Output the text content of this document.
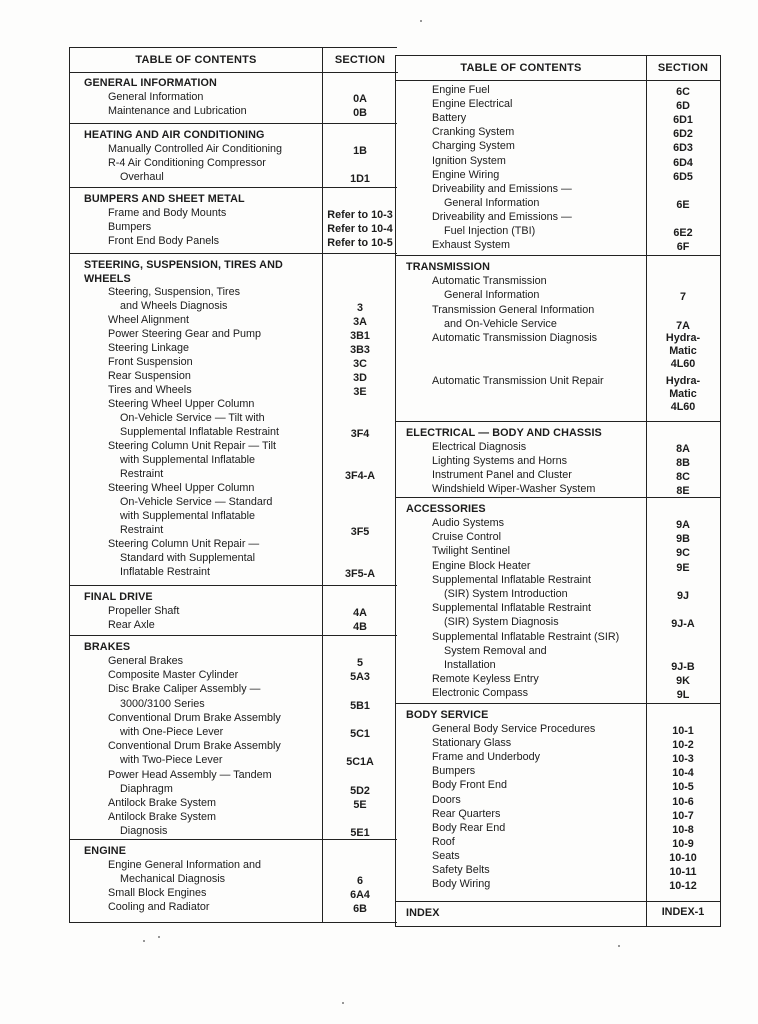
TABLE OF CONTENTS	SECTION
GENERAL INFORMATION
General Information	0A
Maintenance and Lubrication	0B
HEATING AND AIR CONDITIONING
Manually Controlled Air Conditioning	1B
R-4 Air Conditioning Compressor
Overhaul	1D1
BUMPERS AND SHEET METAL
Frame and Body Mounts	Refer to 10-3
Bumpers	Refer to 10-4
Front End Body Panels	Refer to 10-5
STEERING, SUSPENSION, TIRES AND WHEELS
Steering, Suspension, Tires
and Wheels Diagnosis	3
Wheel Alignment	3A
Power Steering Gear and Pump	3B1
Steering Linkage	3B3
Front Suspension	3C
Rear Suspension	3D
Tires and Wheels	3E
Steering Wheel Upper Column
On-Vehicle Service — Tilt with
Supplemental Inflatable Restraint	3F4
Steering Column Unit Repair — Tilt
with Supplemental Inflatable
Restraint	3F4-A
Steering Wheel Upper Column
On-Vehicle Service — Standard
with Supplemental Inflatable
Restraint	3F5
Steering Column Unit Repair —
Standard with Supplemental
Inflatable Restraint	3F5-A
FINAL DRIVE
Propeller Shaft	4A
Rear Axle	4B
BRAKES
General Brakes	5
Composite Master Cylinder	5A3
Disc Brake Caliper Assembly —
3000/3100 Series	5B1
Conventional Drum Brake Assembly
with One-Piece Lever	5C1
Conventional Drum Brake Assembly
with Two-Piece Lever	5C1A
Power Head Assembly — Tandem
Diaphragm	5D2
Antilock Brake System	5E
Antilock Brake System
Diagnosis	5E1
ENGINE
Engine General Information and
Mechanical Diagnosis	6
Small Block Engines	6A4
Cooling and Radiator	6B
TABLE OF CONTENTS	SECTION
Engine Fuel	6C
Engine Electrical	6D
Battery	6D1
Cranking System	6D2
Charging System	6D3
Ignition System	6D4
Engine Wiring	6D5
Driveability and Emissions —
General Information	6E
Driveability and Emissions —
Fuel Injection (TBI)	6E2
Exhaust System	6F
TRANSMISSION
Automatic Transmission
General Information	7
Transmission General Information
and On-Vehicle Service	7A
Automatic Transmission Diagnosis	Hydra-
Matic
4L60
Automatic Transmission Unit Repair	Hydra-
Matic
4L60
ELECTRICAL — BODY AND CHASSIS
Electrical Diagnosis	8A
Lighting Systems and Horns	8B
Instrument Panel and Cluster	8C
Windshield Wiper-Washer System	8E
ACCESSORIES
Audio Systems	9A
Cruise Control	9B
Twilight Sentinel	9C
Engine Block Heater	9E
Supplemental Inflatable Restraint
(SIR) System Introduction	9J
Supplemental Inflatable Restraint
(SIR) System Diagnosis	9J-A
Supplemental Inflatable Restraint (SIR)
System Removal and
Installation	9J-B
Remote Keyless Entry	9K
Electronic Compass	9L
BODY SERVICE
General Body Service Procedures	10-1
Stationary Glass	10-2
Frame and Underbody	10-3
Bumpers	10-4
Body Front End	10-5
Doors	10-6
Rear Quarters	10-7
Body Rear End	10-8
Roof	10-9
Seats	10-10
Safety Belts	10-11
Body Wiring	10-12
INDEX	INDEX-1
